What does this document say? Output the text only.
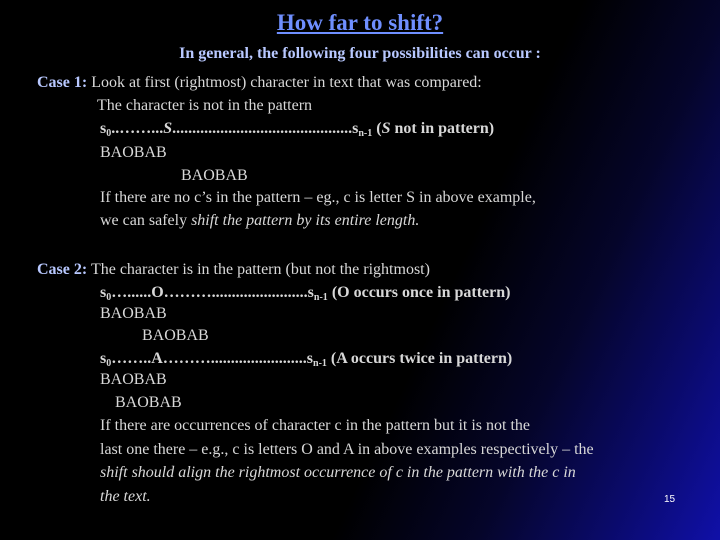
How far to shift?
In general, the following four possibilities can occur :
Case 1: Look at first (rightmost) character in text that was compared:
The character is not in the pattern
$s_0..\dots\dots...S.............................................s_{n-1}$ (S not in pattern)
BAOBAB
BAOBAB
If there are no c’s in the pattern – eg., c is letter S in above example,
we can safely shift the pattern by its entire length.
Case 2: The character is in the pattern (but not the rightmost)
$s_0\dots......O\dots\dots\dots........................s_{n-1}$ (O occurs once in pattern)
BAOBAB
BAOBAB
$s_0\dots\dots..A\dots\dots\dots........................s_{n-1}$ (A occurs twice in pattern)
BAOBAB
BAOBAB
If there are occurrences of character c in the pattern but it is not the
last one there – e.g., c is letters O and A in above examples respectively – the
shift should align the rightmost occurrence of c in the pattern with the c in
the text.	15
